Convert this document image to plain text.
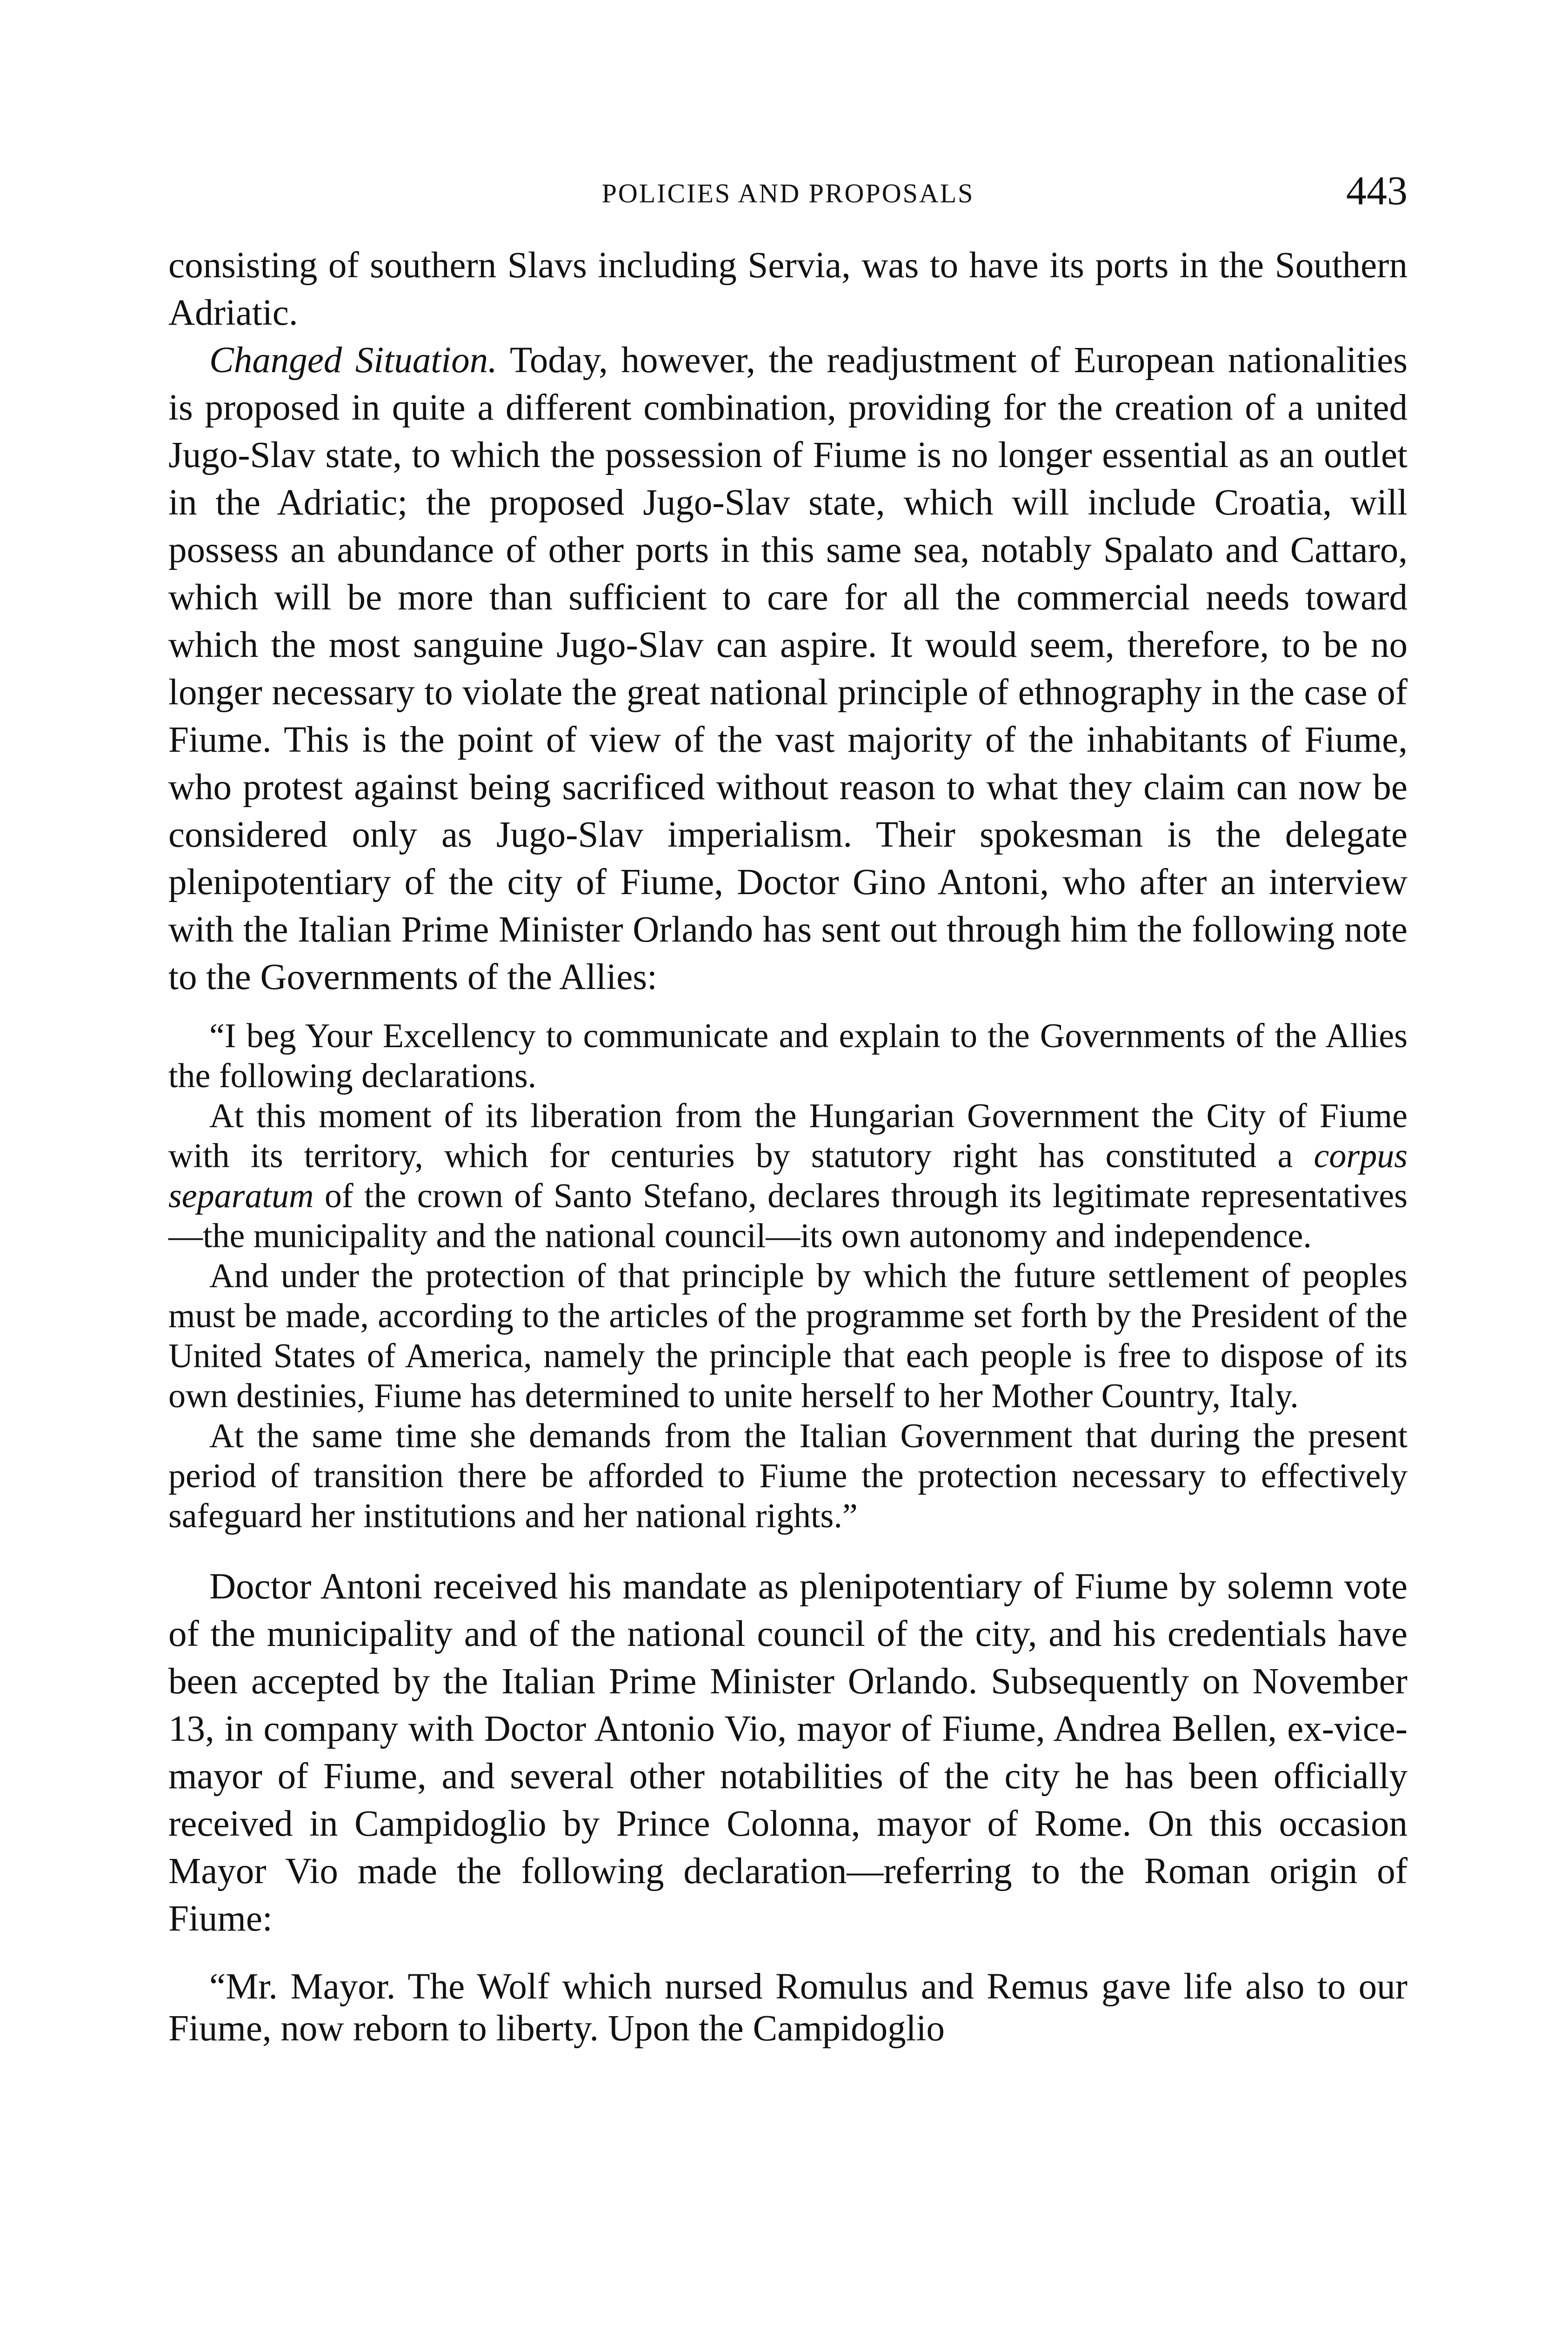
POLICIES AND PROPOSALS	443

consisting of southern Slavs including Servia, was to have its ports in the Southern Adriatic.

Changed Situation. Today, however, the readjustment of European nationalities is proposed in quite a different combination, providing for the creation of a united Jugo-Slav state, to which the possession of Fiume is no longer essential as an outlet in the Adriatic; the proposed Jugo-Slav state, which will include Croatia, will possess an abundance of other ports in this same sea, notably Spalato and Cattaro, which will be more than sufficient to care for all the commercial needs toward which the most sanguine Jugo-Slav can aspire. It would seem, therefore, to be no longer necessary to violate the great national principle of ethnography in the case of Fiume. This is the point of view of the vast majority of the inhabitants of Fiume, who protest against being sacrificed without reason to what they claim can now be considered only as Jugo-Slav imperialism. Their spokesman is the delegate plenipotentiary of the city of Fiume, Doctor Gino Antoni, who after an interview with the Italian Prime Minister Orlando has sent out through him the following note to the Governments of the Allies:

“I beg Your Excellency to communicate and explain to the Governments of the Allies the following declarations.

At this moment of its liberation from the Hungarian Government the City of Fiume with its territory, which for centuries by statutory right has constituted a corpus separatum of the crown of Santo Stefano, declares through its legitimate representatives—the municipality and the national council—its own autonomy and independence.

And under the protection of that principle by which the future settlement of peoples must be made, according to the articles of the programme set forth by the President of the United States of America, namely the principle that each people is free to dispose of its own destinies, Fiume has determined to unite herself to her Mother Country, Italy.

At the same time she demands from the Italian Government that during the present period of transition there be afforded to Fiume the protection necessary to effectively safeguard her institutions and her national rights.”

Doctor Antoni received his mandate as plenipotentiary of Fiume by solemn vote of the municipality and of the national council of the city, and his credentials have been accepted by the Italian Prime Minister Orlando. Subsequently on November 13, in company with Doctor Antonio Vio, mayor of Fiume, Andrea Bellen, ex-vice-mayor of Fiume, and several other notabilities of the city he has been officially received in Campidoglio by Prince Colonna, mayor of Rome. On this occasion Mayor Vio made the following declaration—referring to the Roman origin of Fiume:

“Mr. Mayor. The Wolf which nursed Romulus and Remus gave life also to our Fiume, now reborn to liberty. Upon the Campidoglio
